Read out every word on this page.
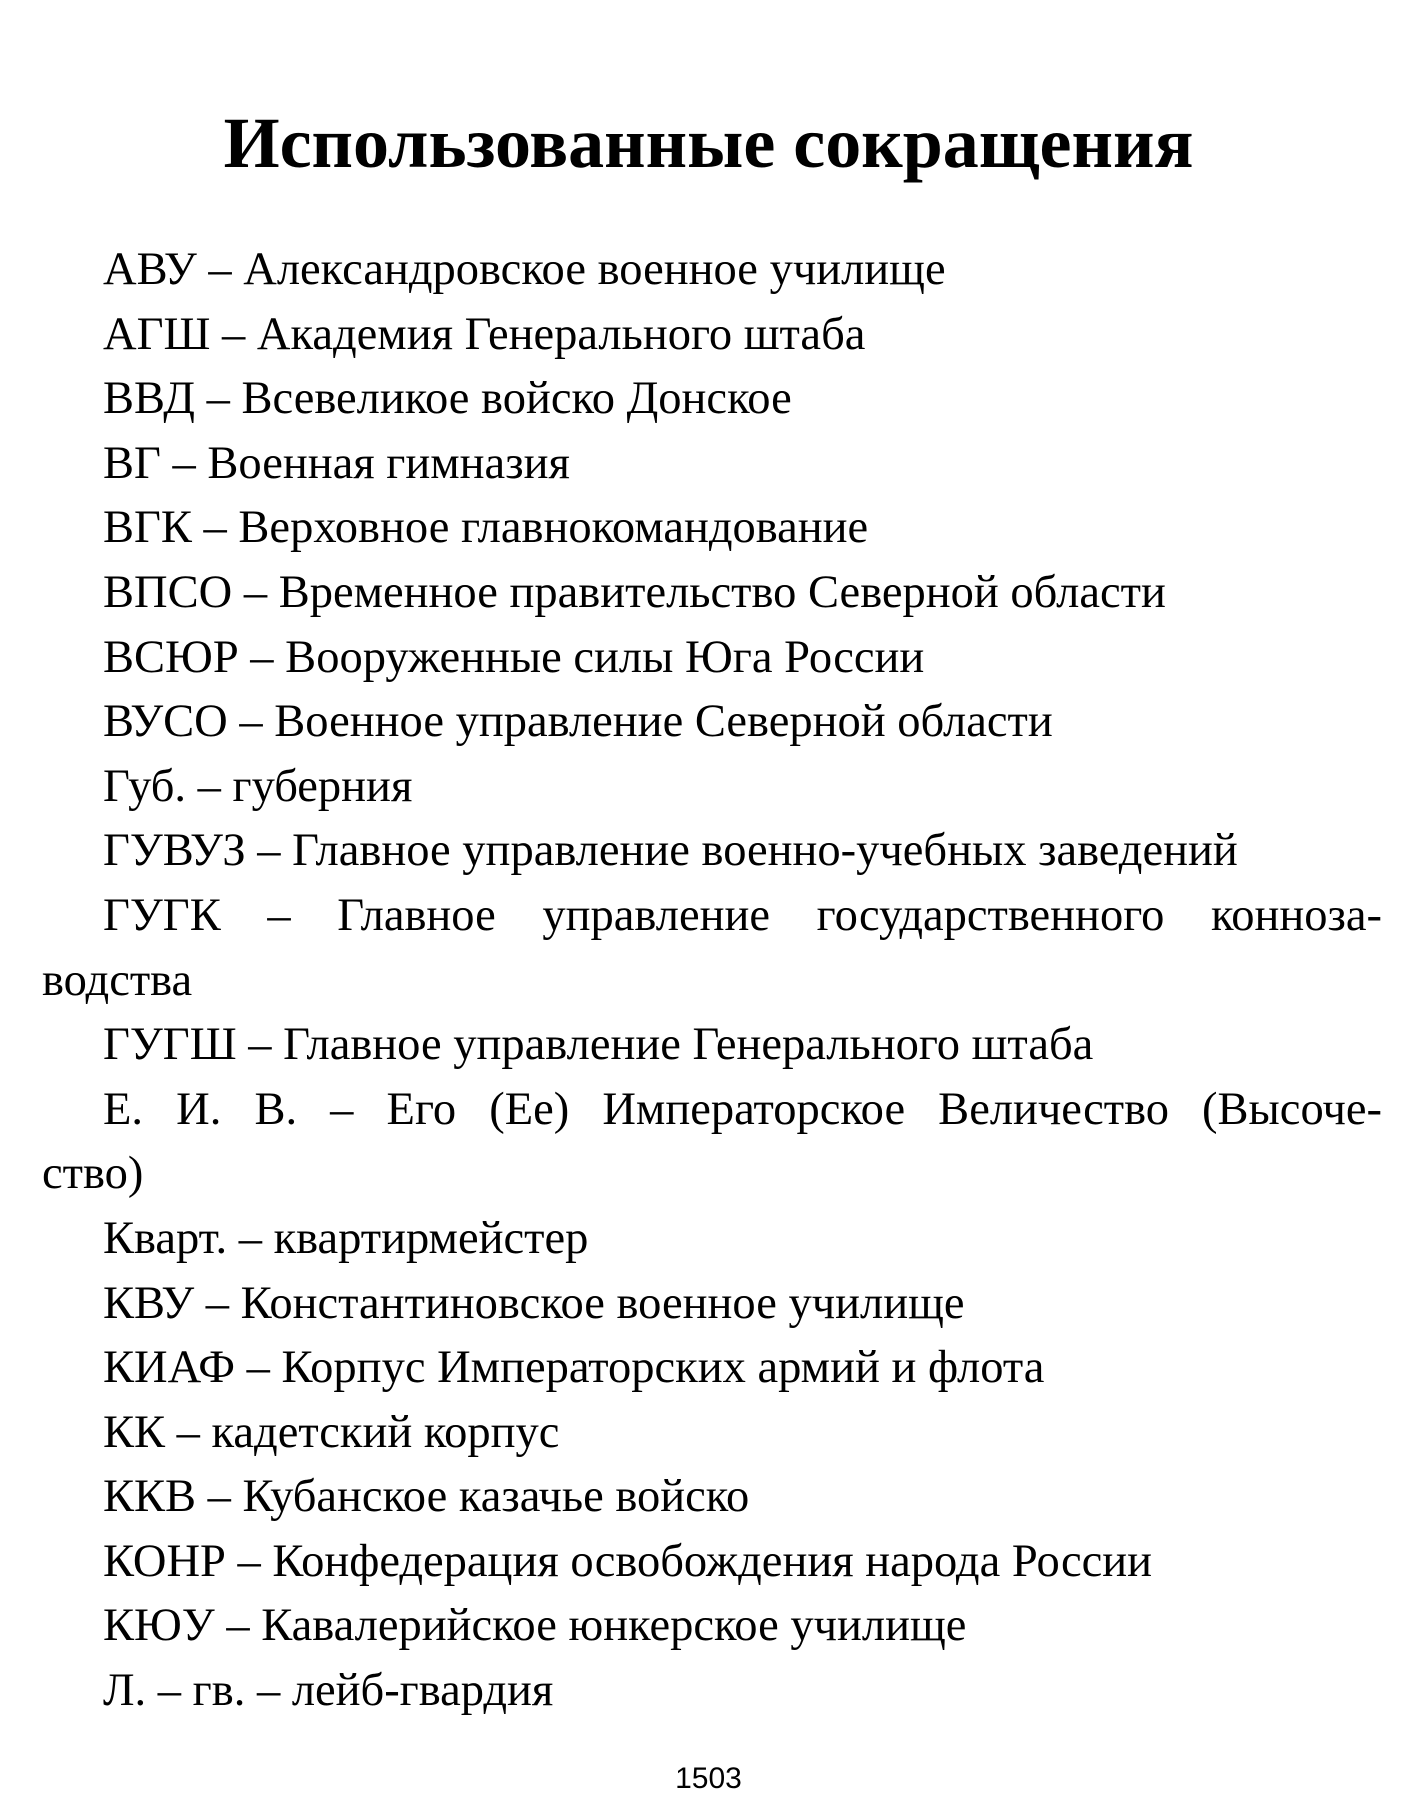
Использованные сокращения

АВУ – Александровское военное училище

АГШ – Академия Генерального штаба

ВВД – Всевеликое войско Донское

ВГ – Военная гимназия

ВГК – Верховное главнокомандование

ВПСО – Временное правительство Северной области

ВСЮР – Вооруженные силы Юга России

ВУСО – Военное управление Северной области

Губ. – губерния

ГУВУЗ – Главное управление военно-учебных заведений

ГУГК – Главное управление государственного конноза-

водства

ГУГШ – Главное управление Генерального штаба

Е. И. В. – Его (Ее) Императорское Величество (Высоче-

ство)

Кварт. – квартирмейстер

КВУ – Константиновское военное училище

КИАФ – Корпус Императорских армий и флота

КК – кадетский корпус

ККВ – Кубанское казачье войско

КОНР – Конфедерация освобождения народа России

КЮУ – Кавалерийское юнкерское училище

Л. – гв. – лейб-гвардия

1503
